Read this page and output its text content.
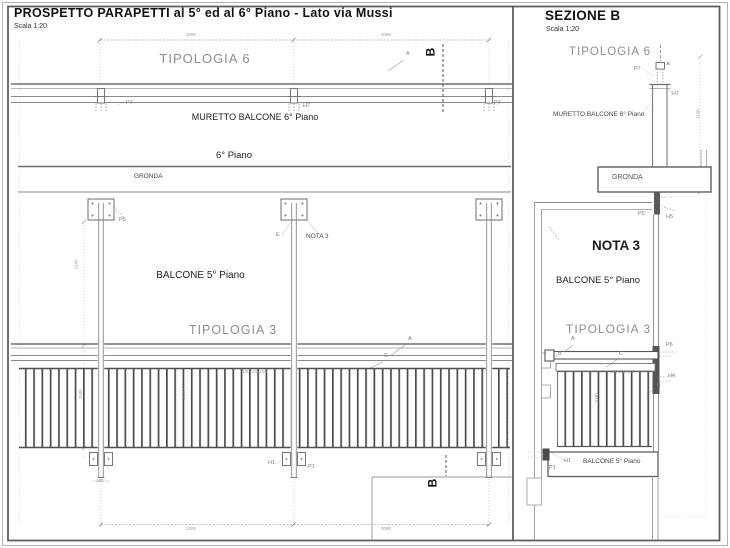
PROSPETTO PARAPETTI al 5° ed al 6° Piano - Lato via Mussi
Scala 1:20
TIPOLOGIA 6	A B
2090	2090
P7	H7	P7
MURETTO BALCONE 6° Piano
6° Piano
GRONDA
P5
E	NOTA 3
BALCONE 5° Piano
TIPOLOGIA 3
A
C
100 100 100
1100
1030	1030
H1
P1
160	B
2090	2090
SEZIONE B
Scala 1:20
TIPOLOGIA 6
P7
H7
MURETTO BALCONE 6° Piano	1100
GRONDA
P5	H5
NOTA 3
BALCONE 5° Piano
TIPOLOGIA 3
A
B	C
P6
H4
B
100 100 100
1030
P1
H1 BALCONE 5° Piano
